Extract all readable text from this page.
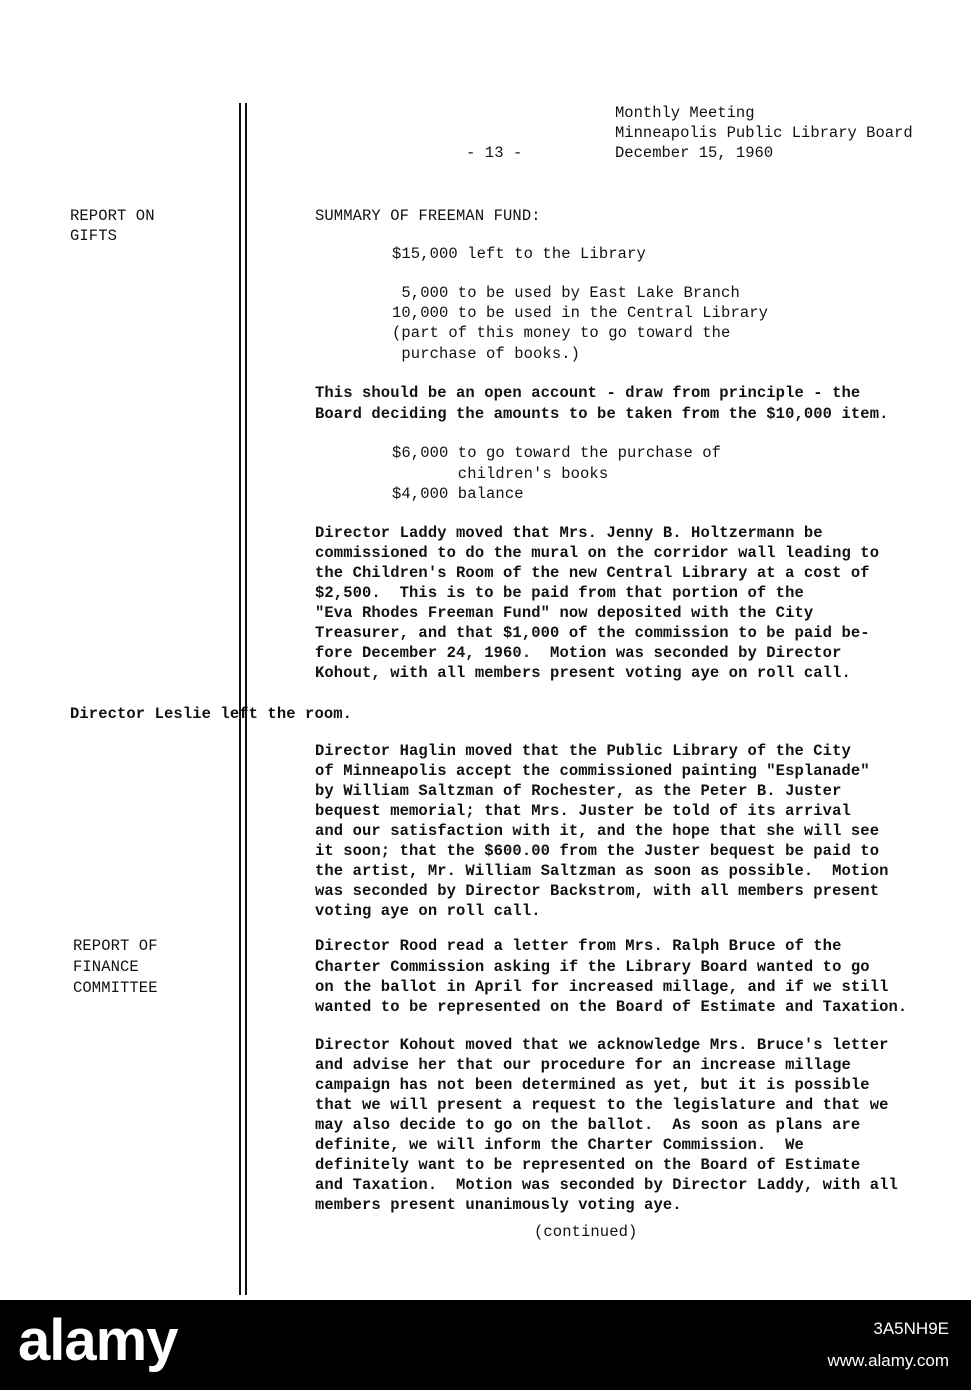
Monthly Meeting
Minneapolis Public Library Board
December 15, 1960
- 13 -
REPORT ON
GIFTS
REPORT OF
FINANCE
COMMITTEE
SUMMARY OF FREEMAN FUND:
$15,000 left to the Library
5,000 to be used by East Lake Branch
10,000 to be used in the Central Library
(part of this money to go toward the
purchase of books.)
This should be an open account - draw from principle - the
Board deciding the amounts to be taken from the $10,000 item.
$6,000 to go toward the purchase of
children's books
$4,000 balance
Director Laddy moved that Mrs. Jenny B. Holtzermann be
commissioned to do the mural on the corridor wall leading to
the Children's Room of the new Central Library at a cost of
$2,500.  This is to be paid from that portion of the
"Eva Rhodes Freeman Fund" now deposited with the City
Treasurer, and that $1,000 of the commission to be paid be-
fore December 24, 1960.  Motion was seconded by Director
Kohout, with all members present voting aye on roll call.
Director Leslie left the room.
Director Haglin moved that the Public Library of the City
of Minneapolis accept the commissioned painting "Esplanade"
by William Saltzman of Rochester, as the Peter B. Juster
bequest memorial; that Mrs. Juster be told of its arrival
and our satisfaction with it, and the hope that she will see
it soon; that the $600.00 from the Juster bequest be paid to
the artist, Mr. William Saltzman as soon as possible.  Motion
was seconded by Director Backstrom, with all members present
voting aye on roll call.
Director Rood read a letter from Mrs. Ralph Bruce of the
Charter Commission asking if the Library Board wanted to go
on the ballot in April for increased millage, and if we still
wanted to be represented on the Board of Estimate and Taxation.
Director Kohout moved that we acknowledge Mrs. Bruce's letter
and advise her that our procedure for an increase millage
campaign has not been determined as yet, but it is possible
that we will present a request to the legislature and that we
may also decide to go on the ballot.  As soon as plans are
definite, we will inform the Charter Commission.  We
definitely want to be represented on the Board of Estimate
and Taxation.  Motion was seconded by Director Laddy, with all
members present unanimously voting aye.
(continued)
alamy	3A5NH9E
www.alamy.com
